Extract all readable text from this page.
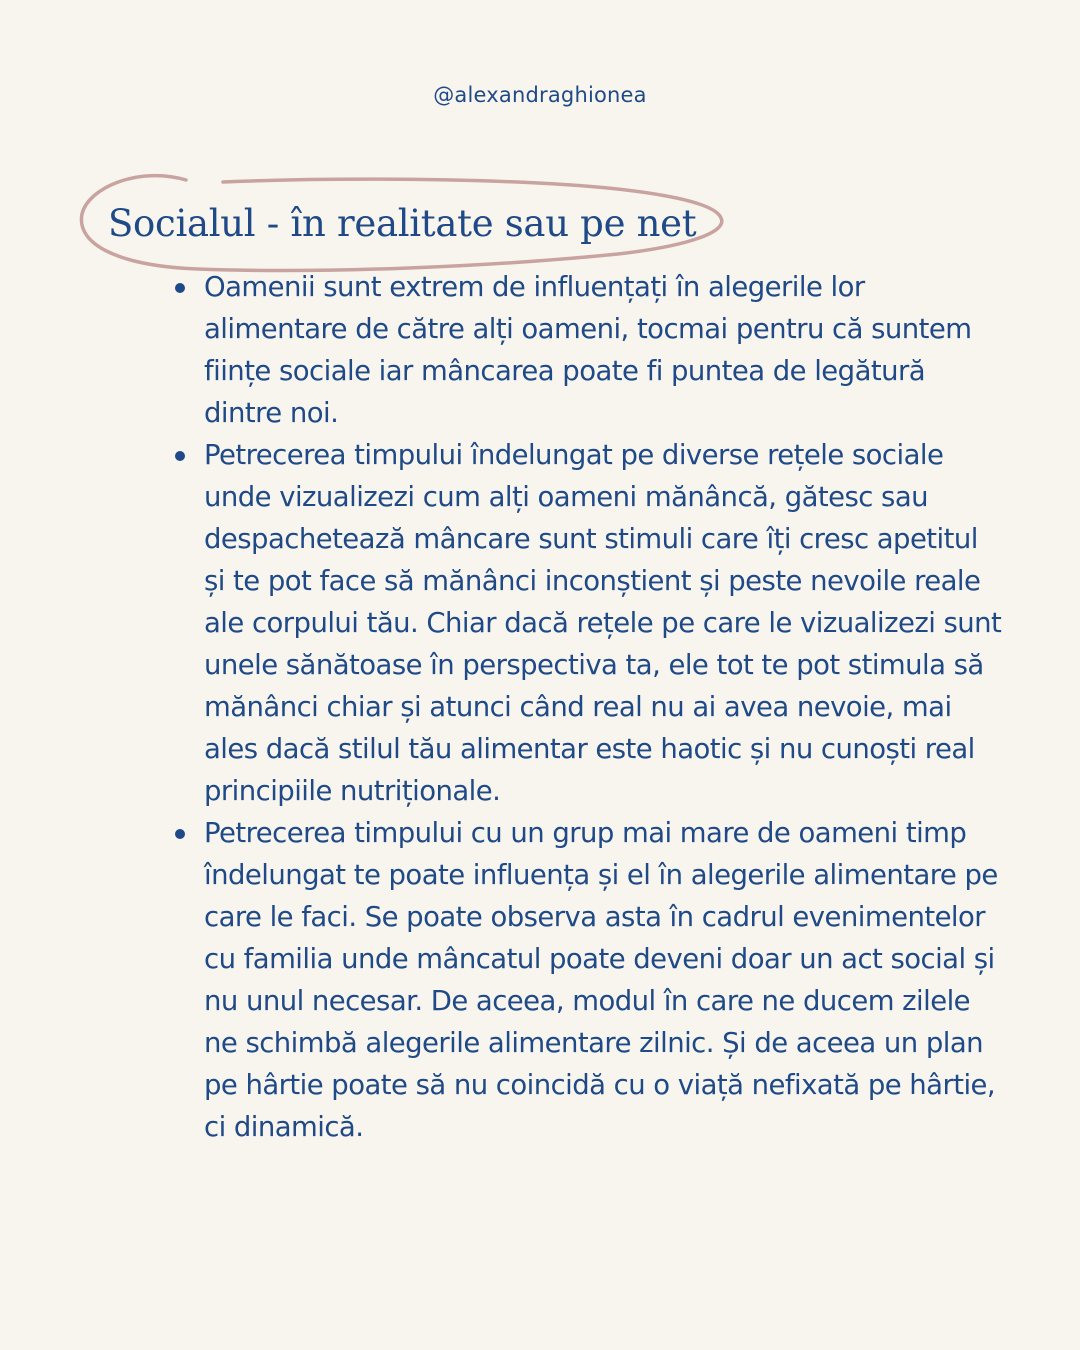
@alexandraghionea
Socialul - în realitate sau pe net
Oamenii sunt extrem de influențați în alegerile lor alimentare de către alți oameni, tocmai pentru că suntem ființe sociale iar mâncarea poate fi puntea de legătură dintre noi.
Petrecerea timpului îndelungat pe diverse rețele sociale unde vizualizezi cum alți oameni mănâncă, gătesc sau despachetează mâncare sunt stimuli care îți cresc apetitul și te pot face să mănânci inconștient și peste nevoile reale ale corpului tău. Chiar dacă rețele pe care le vizualizezi sunt unele sănătoase în perspectiva ta, ele tot te pot stimula să mănânci chiar și atunci când real nu ai avea nevoie, mai ales dacă stilul tău alimentar este haotic și nu cunoști real principiile nutriționale.
Petrecerea timpului cu un grup mai mare de oameni timp îndelungat te poate influența și el în alegerile alimentare pe care le faci. Se poate observa asta în cadrul evenimentelor cu familia unde mâncatul poate deveni doar un act social și nu unul necesar. De aceea, modul în care ne ducem zilele ne schimbă alegerile alimentare zilnic. Și de aceea un plan pe hârtie poate să nu coincidă cu o viață nefixată pe hârtie, ci dinamică.
